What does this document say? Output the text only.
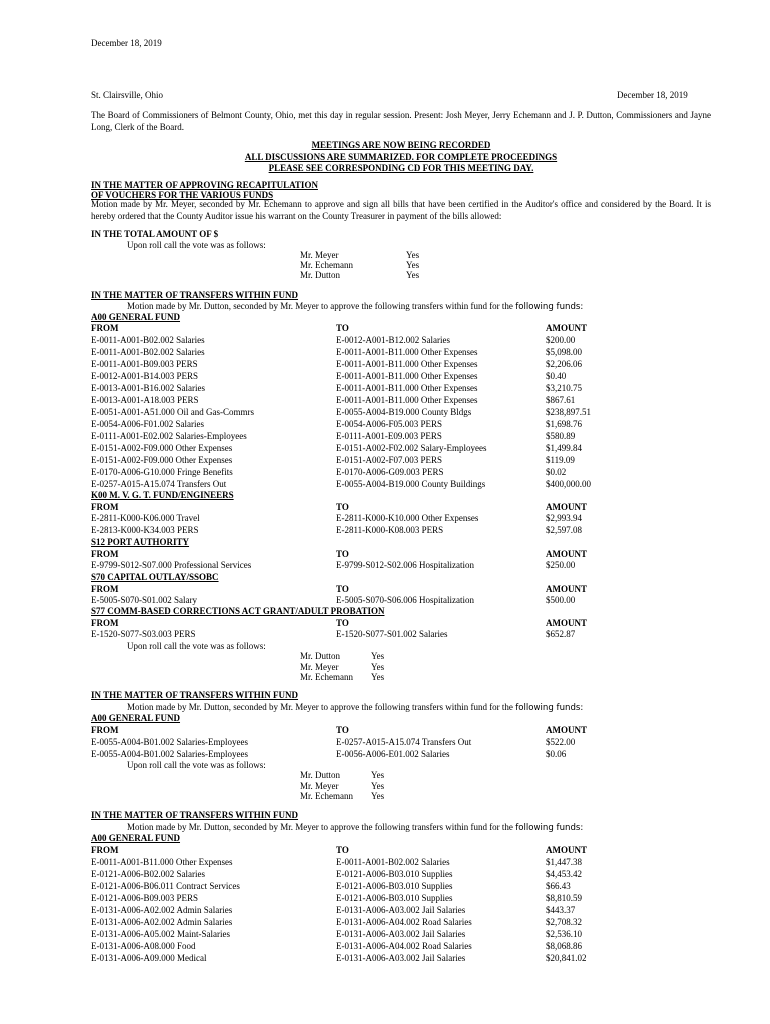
December 18, 2019
St. Clairsville, Ohio	December 18, 2019
The Board of Commissioners of Belmont County, Ohio, met this day in regular session. Present: Josh Meyer, Jerry Echemann and J. P. Dutton, Commissioners and Jayne Long, Clerk of the Board.
MEETINGS ARE NOW BEING RECORDED
ALL DISCUSSIONS ARE SUMMARIZED. FOR COMPLETE PROCEEDINGS
PLEASE SEE CORRESPONDING CD FOR THIS MEETING DAY.
IN THE MATTER OF APPROVING RECAPITULATION
OF VOUCHERS FOR THE VARIOUS FUNDS
Motion made by Mr. Meyer, seconded by Mr. Echemann to approve and sign all bills that have been certified in the Auditor's office and considered by the Board. It is hereby ordered that the County Auditor issue his warrant on the County Treasurer in payment of the bills allowed:
IN THE TOTAL AMOUNT OF $
Upon roll call the vote was as follows:
Mr. Meyer	Yes
Mr. Echemann	Yes
Mr. Dutton	Yes
IN THE MATTER OF TRANSFERS WITHIN FUND
Motion made by Mr. Dutton, seconded by Mr. Meyer to approve the following transfers within fund for the following funds:
A00 GENERAL FUND
FROM	TO	AMOUNT
E-0011-A001-B02.002 Salaries	E-0012-A001-B12.002 Salaries	$200.00
E-0011-A001-B02.002 Salaries	E-0011-A001-B11.000 Other Expenses	$5,098.00
E-0011-A001-B09.003 PERS	E-0011-A001-B11.000 Other Expenses	$2,206.06
E-0012-A001-B14.003 PERS	E-0011-A001-B11.000 Other Expenses	$0.40
E-0013-A001-B16.002 Salaries	E-0011-A001-B11.000 Other Expenses	$3,210.75
E-0013-A001-A18.003 PERS	E-0011-A001-B11.000 Other Expenses	$867.61
E-0051-A001-A51.000 Oil and Gas-Commrs	E-0055-A004-B19.000 County Bldgs	$238,897.51
E-0054-A006-F01.002 Salaries	E-0054-A006-F05.003 PERS	$1,698.76
E-0111-A001-E02.002 Salaries-Employees	E-0111-A001-E09.003 PERS	$580.89
E-0151-A002-F09.000 Other Expenses	E-0151-A002-F02.002 Salary-Employees	$1,499.84
E-0151-A002-F09.000 Other Expenses	E-0151-A002-F07.003 PERS	$119.09
E-0170-A006-G10.000 Fringe Benefits	E-0170-A006-G09.003 PERS	$0.02
E-0257-A015-A15.074 Transfers Out	E-0055-A004-B19.000 County Buildings	$400,000.00
K00 M. V. G. T. FUND/ENGINEERS
FROM	TO	AMOUNT
E-2811-K000-K06.000 Travel	E-2811-K000-K10.000 Other Expenses	$2,993.94
E-2813-K000-K34.003 PERS	E-2811-K000-K08.003 PERS	$2,597.08
S12 PORT AUTHORITY
FROM	TO	AMOUNT
E-9799-S012-S07.000 Professional Services	E-9799-S012-S02.006 Hospitalization	$250.00
S70 CAPITAL OUTLAY/SSOBC
FROM	TO	AMOUNT
E-5005-S070-S01.002 Salary	E-5005-S070-S06.006 Hospitalization	$500.00
S77 COMM-BASED CORRECTIONS ACT GRANT/ADULT PROBATION
FROM	TO	AMOUNT
E-1520-S077-S03.003 PERS	E-1520-S077-S01.002 Salaries	$652.87
Upon roll call the vote was as follows:
Mr. Dutton	Yes
Mr. Meyer	Yes
Mr. Echemann Yes
IN THE MATTER OF TRANSFERS WITHIN FUND
Motion made by Mr. Dutton, seconded by Mr. Meyer to approve the following transfers within fund for the following funds:
A00 GENERAL FUND
FROM	TO	AMOUNT
E-0055-A004-B01.002 Salaries-Employees	E-0257-A015-A15.074 Transfers Out	$522.00
E-0055-A004-B01.002 Salaries-Employees	E-0056-A006-E01.002 Salaries	$0.06
Upon roll call the vote was as follows:
Mr. Dutton	Yes
Mr. Meyer	Yes
Mr. Echemann Yes
IN THE MATTER OF TRANSFERS WITHIN FUND
Motion made by Mr. Dutton, seconded by Mr. Meyer to approve the following transfers within fund for the following funds:
A00 GENERAL FUND
FROM	TO	AMOUNT
E-0011-A001-B11.000 Other Expenses	E-0011-A001-B02.002 Salaries	$1,447.38
E-0121-A006-B02.002 Salaries	E-0121-A006-B03.010 Supplies	$4,453.42
E-0121-A006-B06.011 Contract Services	E-0121-A006-B03.010 Supplies	$66.43
E-0121-A006-B09.003 PERS	E-0121-A006-B03.010 Supplies	$8,810.59
E-0131-A006-A02.002 Admin Salaries	E-0131-A006-A03.002 Jail Salaries	$443.37
E-0131-A006-A02.002 Admin Salaries	E-0131-A006-A04.002 Road Salaries	$2,708.32
E-0131-A006-A05.002 Maint-Salaries	E-0131-A006-A03.002 Jail Salaries	$2,536.10
E-0131-A006-A08.000 Food	E-0131-A006-A04.002 Road Salaries	$8,068.86
E-0131-A006-A09.000 Medical	E-0131-A006-A03.002 Jail Salaries	$20,841.02
